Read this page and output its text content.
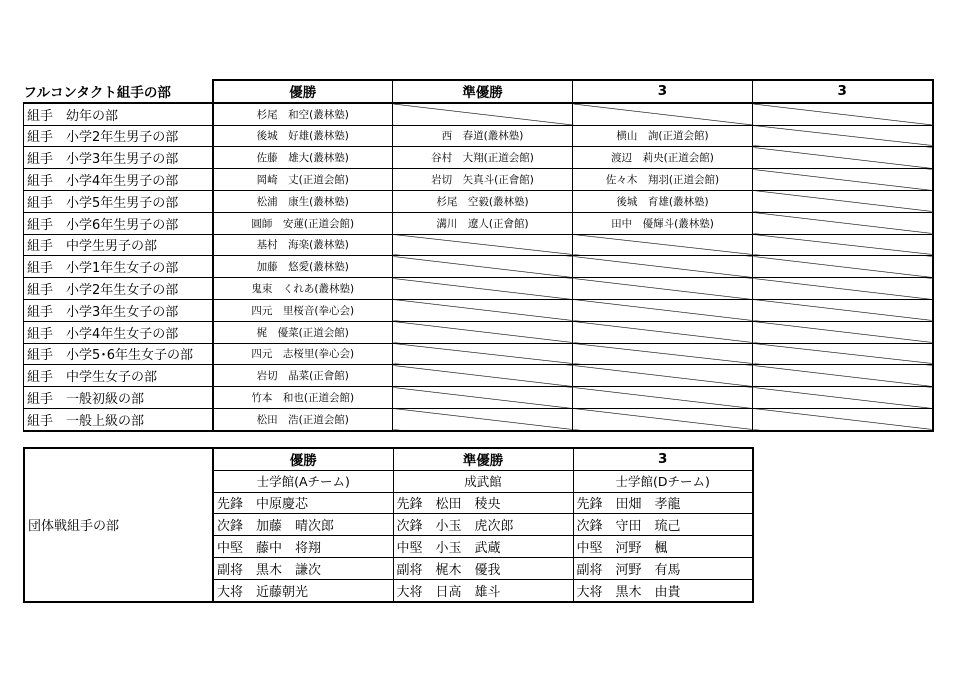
フルコンタクト組手の部	優勝	準優勝	3	3
組手　幼年の部	杉尾　和空(叢林塾)			
組手　小学2年生男子の部	後城　好雄(叢林塾)	西　春道(叢林塾)	横山　詢(正道会館)	
組手　小学3年生男子の部	佐藤　雄大(叢林塾)	谷村　大翔(正道会館)	渡辺　莉央(正道会館)	
組手　小学4年生男子の部	岡崎　丈(正道会館)	岩切　矢真斗(正會館)	佐々木　翔羽(正道会館)	
組手　小学5年生男子の部	松浦　康生(叢林塾)	杉尾　空毅(叢林塾)	後城　育雄(叢林塾)	
組手　小学6年生男子の部	圓師　安蓮(正道会館)	溝川　遼人(正會館)	田中　優輝斗(叢林塾)	
組手　中学生男子の部	基村　海楽(叢林塾)			
組手　小学1年生女子の部	加藤　悠愛(叢林塾)			
組手　小学2年生女子の部	鬼束　くれあ(叢林塾)			
組手　小学3年生女子の部	四元　里桜音(拳心会)			
組手　小学4年生女子の部	梶　優菜(正道会館)			
組手　小学5･6年生女子の部	四元　志桜里(拳心会)			
組手　中学生女子の部	岩切　晶菜(正會館)			
組手　一般初級の部	竹本　和也(正道会館)			
組手　一般上級の部	松田　浩(正道会館)			
団体戦組手の部	優勝	準優勝	3
	士学館(Aチーム)	成武館	士学館(Dチーム)
	先鋒　中原慶芯	先鋒　松田　稜央	先鋒　田畑　孝龍
	次鋒　加藤　晴次郎	次鋒　小玉　虎次郎	次鋒　守田　琉己
	中堅　藤中　将翔	中堅　小玉　武蔵	中堅　河野　楓
	副将　黒木　謙次	副将　梶木　優我	副将　河野　有馬
	大将　近藤朝光	大将　日高　雄斗	大将　黒木　由貴
